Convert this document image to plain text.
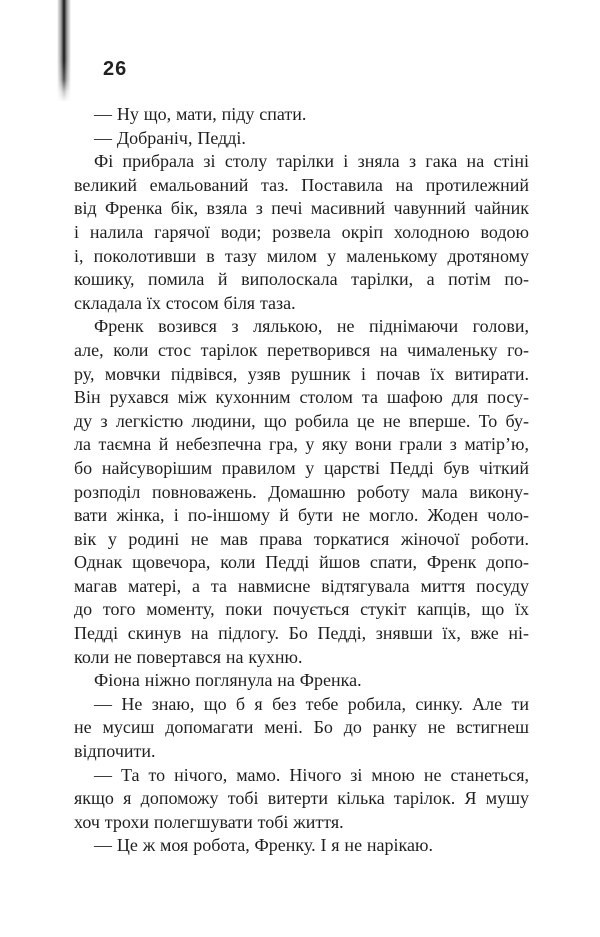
26
— Ну що, мати, піду спати.
— Добраніч, Педді.
Фі прибрала зі столу тарілки і зняла з гака на стіні
великий емальований таз. Поставила на протилежний
від Френка бік, взяла з печі масивний чавунний чайник
і налила гарячої води; розвела окріп холодною водою
і, поколотивши в тазу милом у маленькому дротяному
кошику, помила й виполоскала тарілки, а потім по-
складала їх стосом біля таза.
Френк возився з лялькою, не піднімаючи голови,
але, коли стос тарілок перетворився на чималеньку го-
ру, мовчки підвівся, узяв рушник і почав їх витирати.
Він рухався між кухонним столом та шафою для посу-
ду з легкістю людини, що робила це не вперше. То бу-
ла таємна й небезпечна гра, у яку вони грали з матір’ю,
бо найсуворішим правилом у царстві Педді був чіткий
розподіл повноважень. Домашню роботу мала викону-
вати жінка, і по-іншому й бути не могло. Жоден чоло-
вік у родині не мав права торкатися жіночої роботи.
Однак щовечора, коли Педді йшов спати, Френк допо-
магав матері, а та навмисне відтягувала миття посуду
до того моменту, поки почується стукіт капців, що їх
Педді скинув на підлогу. Бо Педді, знявши їх, вже ні-
коли не повертався на кухню.
Фіона ніжно поглянула на Френка.
— Не знаю, що б я без тебе робила, синку. Але ти
не мусиш допомагати мені. Бо до ранку не встигнеш
відпочити.
— Та то нічого, мамо. Нічого зі мною не станеться,
якщо я допоможу тобі витерти кілька тарілок. Я мушу
хоч трохи полегшувати тобі життя.
— Це ж моя робота, Френку. І я не нарікаю.
